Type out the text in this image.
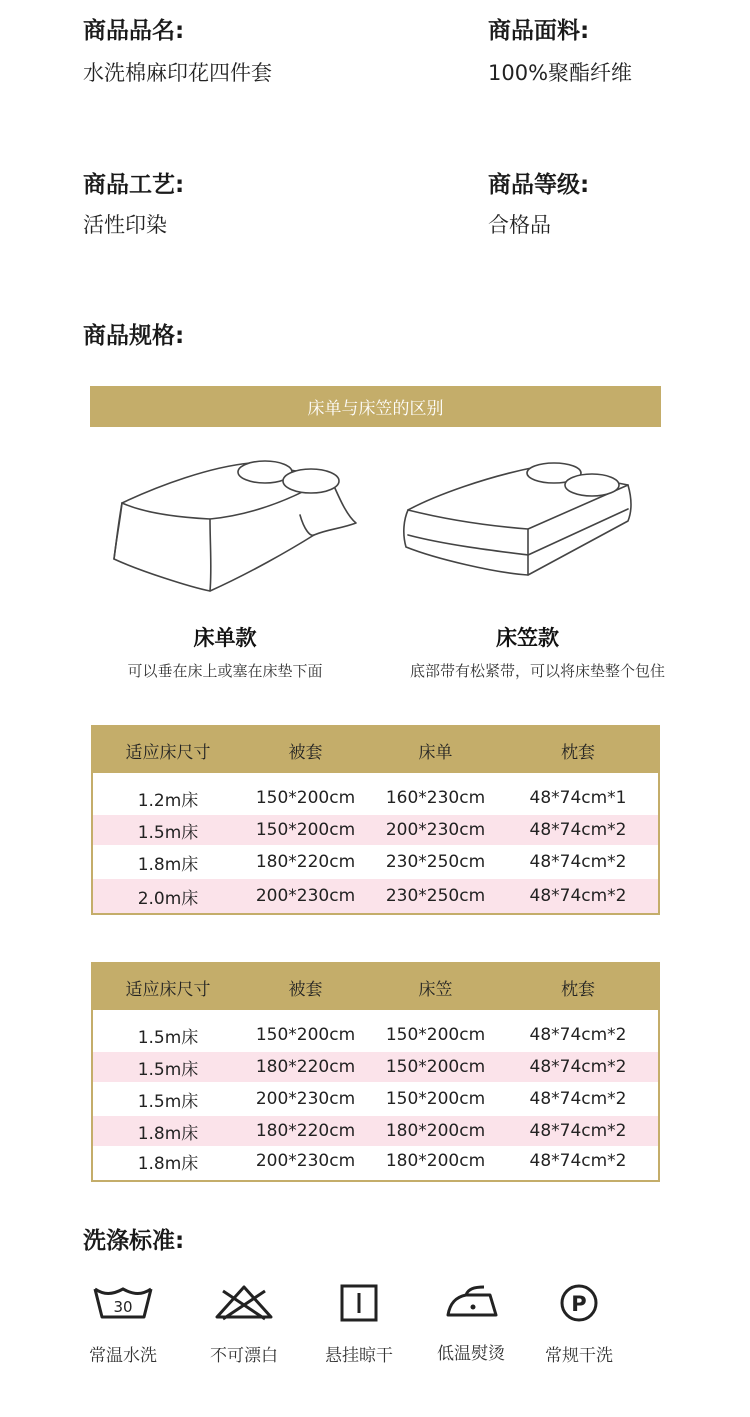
商品品名:
水洗棉麻印花四件套
商品面料:
100%聚酯纤维
商品工艺:
活性印染
商品等级:
合格品
商品规格:
床单与床笠的区别
床单款
可以垂在床上或塞在床垫下面
床笠款
底部带有松紧带，可以将床垫整个包住
适应床尺寸	被套	床单	枕套
1.2m床	150*200cm	160*230cm	48*74cm*1
1.5m床	150*200cm	200*230cm	48*74cm*2
1.8m床	180*220cm	230*250cm	48*74cm*2
2.0m床	200*230cm	230*250cm	48*74cm*2
适应床尺寸	被套	床笠	枕套
1.5m床	150*200cm	150*200cm	48*74cm*2
1.5m床	180*220cm	150*200cm	48*74cm*2
1.5m床	200*230cm	150*200cm	48*74cm*2
1.8m床	180*220cm	180*200cm	48*74cm*2
1.8m床	200*230cm	180*200cm	48*74cm*2
洗涤标准:
30
常温水洗	不可漂白	悬挂晾干	低温熨烫
P
常规干洗
